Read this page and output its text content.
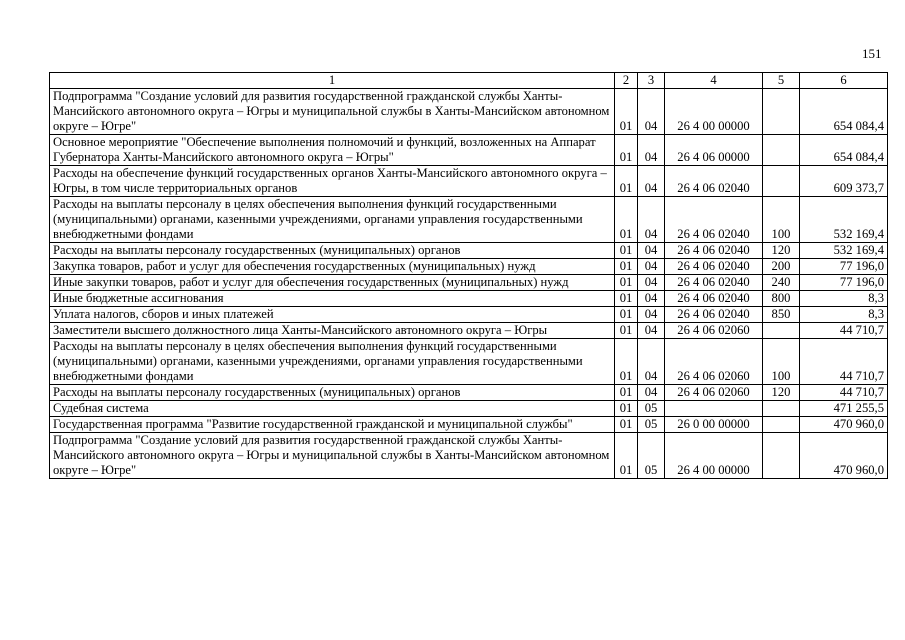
151
1	2	3	4	5	6
Подпрограмма "Создание условий для развития государственной гражданской службы Ханты-Мансийского автономного округа – Югры и муниципальной службы в Ханты-Мансийском автономном округе – Югре"	01	04	26 4 00 00000		654 084,4
Основное мероприятие "Обеспечение выполнения полномочий и функций, возложенных на Аппарат Губернатора Ханты-Мансийского автономного округа – Югры"	01	04	26 4 06 00000		654 084,4
Расходы на обеспечение функций государственных органов Ханты-Мансийского автономного округа – Югры, в том числе территориальных органов	01	04	26 4 06 02040		609 373,7
Расходы на выплаты персоналу в целях обеспечения выполнения функций государственными (муниципальными) органами, казенными учреждениями, органами управления государственными внебюджетными фондами	01	04	26 4 06 02040	100	532 169,4
Расходы на выплаты персоналу государственных (муниципальных) органов	01	04	26 4 06 02040	120	532 169,4
Закупка товаров, работ и услуг для обеспечения государственных (муниципальных) нужд	01	04	26 4 06 02040	200	77 196,0
Иные закупки товаров, работ и услуг для обеспечения государственных (муниципальных) нужд	01	04	26 4 06 02040	240	77 196,0
Иные бюджетные ассигнования	01	04	26 4 06 02040	800	8,3
Уплата налогов, сборов и иных платежей	01	04	26 4 06 02040	850	8,3
Заместители высшего должностного лица Ханты-Мансийского автономного округа – Югры	01	04	26 4 06 02060		44 710,7
Расходы на выплаты персоналу в целях обеспечения выполнения функций государственными (муниципальными) органами, казенными учреждениями, органами управления государственными внебюджетными фондами	01	04	26 4 06 02060	100	44 710,7
Расходы на выплаты персоналу государственных (муниципальных) органов	01	04	26 4 06 02060	120	44 710,7
Судебная система	01	05			471 255,5
Государственная программа "Развитие государственной гражданской и муниципальной службы"	01	05	26 0 00 00000		470 960,0
Подпрограмма "Создание условий для развития государственной гражданской службы Ханты-Мансийского автономного округа – Югры и муниципальной службы в Ханты-Мансийском автономном округе – Югре"	01	05	26 4 00 00000		470 960,0
